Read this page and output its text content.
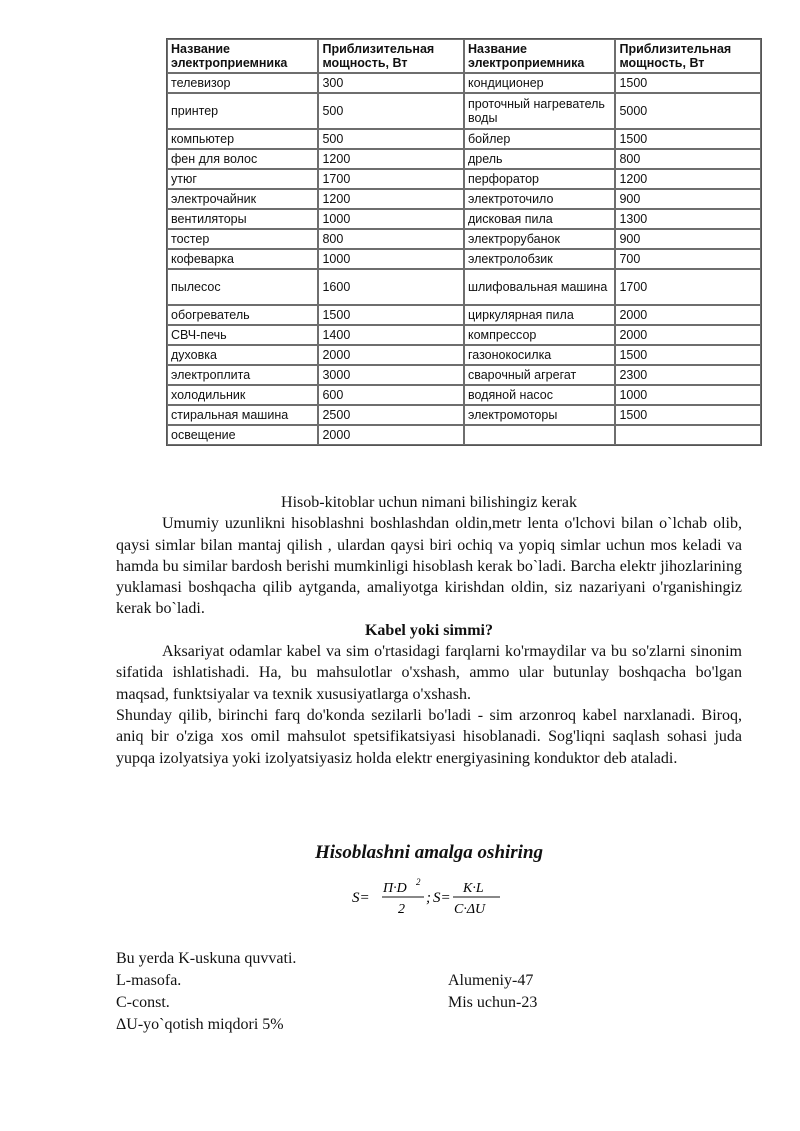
Название электроприемника	Приблизительная мощность, Вт	Название электроприемника	Приблизительная мощность, Вт
телевизор	300	кондиционер	1500
принтер	500	проточный нагреватель воды	5000
компьютер	500	бойлер	1500
фен для волос	1200	дрель	800
утюг	1700	перфоратор	1200
электрочайник	1200	электроточило	900
вентиляторы	1000	дисковая пила	1300
тостер	800	электрорубанок	900
кофеварка	1000	электролобзик	700
пылесос	1600	шлифовальная машина	1700
обогреватель	1500	циркулярная пила	2000
СВЧ-печь	1400	компрессор	2000
духовка	2000	газонокосилка	1500
электроплита	3000	сварочный агрегат	2300
холодильник	600	водяной насос	1000
стиральная машина	2500	электромоторы	1500
освещение	2000		

Hisob-kitoblar uchun nimani bilishingiz kerak

Umumiy uzunlikni hisoblashni boshlashdan oldin,metr lenta o'lchovi bilan o`lchab olib, qaysi simlar bilan mantaj qilish , ulardan qaysi biri ochiq va yopiq simlar uchun mos keladi va hamda bu similar bardosh berishi mumkinligi hisoblash kerak bo`ladi. Barcha elektr jihozlarining yuklamasi boshqacha qilib aytganda, amaliyotga kirishdan oldin, siz nazariyani o'rganishingiz kerak bo`ladi.

Kabel yoki simmi?

Aksariyat odamlar kabel va sim o'rtasidagi farqlarni ko'rmaydilar va bu so'zlarni sinonim sifatida ishlatishadi. Ha, bu mahsulotlar o'xshash, ammo ular butunlay boshqacha bo'lgan maqsad, funktsiyalar va texnik xususiyatlarga o'xshash.

Shunday qilib, birinchi farq do'konda sezilarli bo'ladi - sim arzonroq kabel narxlanadi. Biroq, aniq bir o'ziga xos omil mahsulot spetsifikatsiyasi hisoblanadi. Sog'liqni saqlash sohasi juda yupqa izolyatsiya yoki izolyatsiyasiz holda elektr energiyasining konduktor deb ataladi.

Hisoblashni amalga oshiring
S=
П·D 2
2
; S=
K·L
C·ΔU
Bu yerda K-uskuna quvvati.
L-masofa.	Alumeniy-47
C-const.	Mis uchun-23
ΔU-yo`qotish miqdori 5%
